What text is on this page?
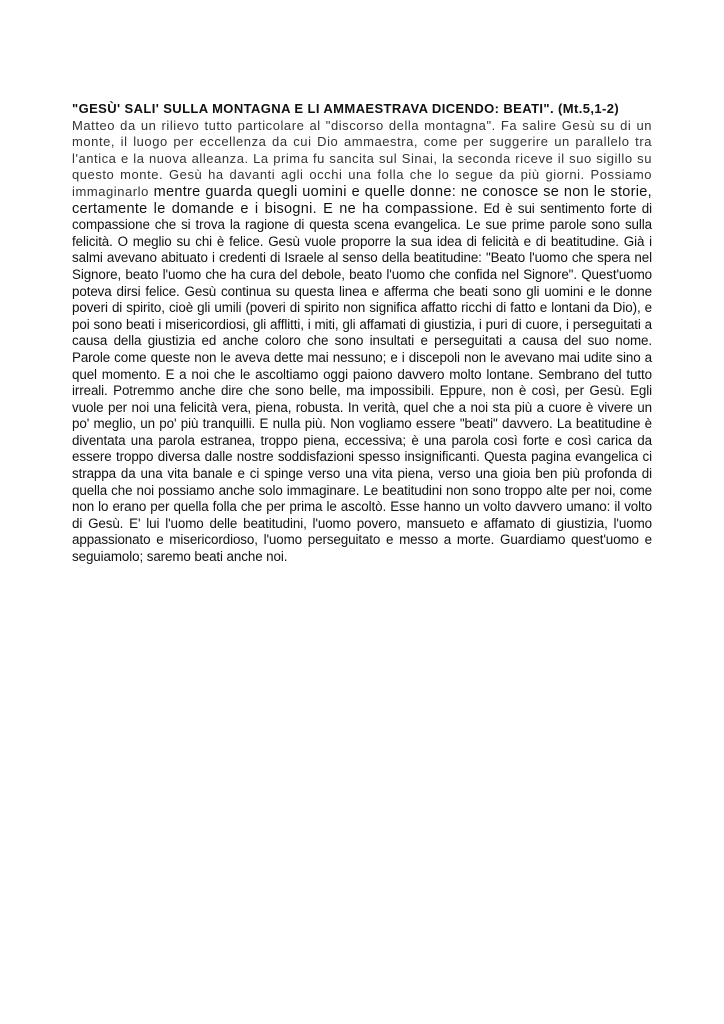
"GESÙ' SALI' SULLA MONTAGNA E LI AMMAESTRAVA DICENDO: BEATI". (Mt.5,1-2)
Matteo da un rilievo tutto particolare al "discorso della montagna". Fa salire Gesù su di un monte, il luogo per eccellenza da cui Dio ammaestra, come per suggerire un parallelo tra l'antica e la nuova alleanza. La prima fu sancita sul Sinai, la seconda riceve il suo sigillo su questo monte. Gesù ha davanti agli occhi una folla che lo segue da più giorni. Possiamo immaginarlo mentre guarda quegli uomini e quelle donne: ne conosce se non le storie, certamente le domande e i bisogni. E ne ha compassione. Ed è sui sentimento forte di compassione che si trova la ragione di questa scena evangelica. Le sue prime parole sono sulla felicità. O meglio su chi è felice. Gesù vuole proporre la sua idea di felicità e di beatitudine. Già i salmi avevano abituato i credenti di Israele al senso della beatitudine: "Beato l'uomo che spera nel Signore, beato l'uomo che ha cura del debole, beato l'uomo che confida nel Signore". Quest'uomo poteva dirsi felice. Gesù continua su questa linea e afferma che beati sono gli uomini e le donne poveri di spirito, cioè gli umili (poveri di spirito non significa affatto ricchi di fatto e lontani da Dio), e poi sono beati i misericordiosi, gli afflitti, i miti, gli affamati di giustizia, i puri di cuore, i perseguitati a causa della giustizia ed anche coloro che sono insultati e perseguitati a causa del suo nome. Parole come queste non le aveva dette mai nessuno; e i discepoli non le avevano mai udite sino a quel momento. E a noi che le ascoltiamo oggi paiono davvero molto lontane. Sembrano del tutto irreali. Potremmo anche dire che sono belle, ma impossibili. Eppure, non è così, per Gesù. Egli vuole per noi una felicità vera, piena, robusta. In verità, quel che a noi sta più a cuore è vivere un po' meglio, un po' più tranquilli. E nulla più. Non vogliamo essere "beati" davvero. La beatitudine è diventata una parola estranea, troppo piena, eccessiva; è una parola così forte e così carica da essere troppo diversa dalle nostre soddisfazioni spesso insignificanti. Questa pagina evangelica ci strappa da una vita banale e ci spinge verso una vita piena, verso una gioia ben più profonda di quella che noi possiamo anche solo immaginare. Le beatitudini non sono troppo alte per noi, come non lo erano per quella folla che per prima le ascoltò. Esse hanno un volto davvero umano: il volto di Gesù. E' lui l'uomo delle beatitudini, l'uomo povero, mansueto e affamato di giustizia, l'uomo appassionato e misericordioso, l'uomo perseguitato e messo a morte. Guardiamo quest'uomo e seguiamolo; saremo beati anche noi.
